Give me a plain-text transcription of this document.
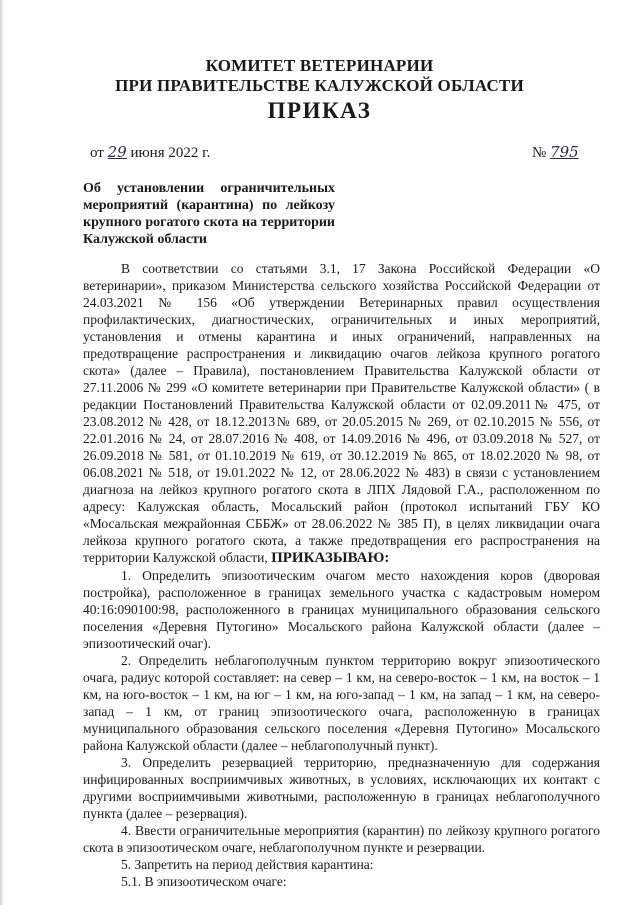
КОМИТЕТ ВЕТЕРИНАРИИ
ПРИ ПРАВИТЕЛЬСТВЕ КАЛУЖСКОЙ ОБЛАСТИ
ПРИКАЗ
от 29 июня 2022 г.	№ 795
Об установлении ограничительных мероприятий (карантина) по лейкозу крупного рогатого скота на территории Калужской области

В соответствии со статьями 3.1, 17 Закона Российской Федерации «О ветеринарии», приказом Министерства сельского хозяйства Российской Федерации от 24.03.2021 № 156 «Об утверждении Ветеринарных правил осуществления профилактических, диагностических, ограничительных и иных мероприятий, установления и отмены карантина и иных ограничений, направленных на предотвращение распространения и ликвидацию очагов лейкоза крупного рогатого скота» (далее – Правила), постановлением Правительства Калужской области от 27.11.2006 № 299 «О комитете ветеринарии при Правительстве Калужской области» ( в редакции Постановлений Правительства Калужской области от 02.09.2011№ 475, от 23.08.2012 № 428, от 18.12.2013№ 689, от 20.05.2015 № 269, от 02.10.2015 № 556, от 22.01.2016 № 24, от 28.07.2016 № 408, от 14.09.2016 № 496, от 03.09.2018 № 527, от 26.09.2018 № 581, от 01.10.2019 № 619, от 30.12.2019 № 865, от 18.02.2020 № 98, от 06.08.2021 № 518, от 19.01.2022 № 12, от 28.06.2022 № 483) в связи с установлением диагноза на лейкоз крупного рогатого скота в ЛПХ Лядовой Г.А., расположенном по адресу: Калужская область, Мосальский район (протокол испытаний ГБУ КО «Мосальская межрайонная СББЖ» от 28.06.2022 № 385 П), в целях ликвидации очага лейкоза крупного рогатого скота, а также предотвращения его распространения на территории Калужской области, ПРИКАЗЫВАЮ:

1. Определить эпизоотическим очагом место нахождения коров (дворовая постройка), расположенное в границах земельного участка с кадастровым номером 40:16:090100:98, расположенного в границах муниципального образования сельского поселения «Деревня Путогино» Мосальского района Калужской области (далее – эпизоотический очаг).

2. Определить неблагополучным пунктом территорию вокруг эпизоотического очага, радиус которой составляет: на север – 1 км, на северо-восток – 1 км, на восток – 1 км, на юго-восток – 1 км, на юг – 1 км, на юго-запад – 1 км, на запад – 1 км, на северо-запад – 1 км, от границ эпизоотического очага, расположенную в границах муниципального образования сельского поселения «Деревня Путогино» Мосальского района Калужской области (далее – неблагополучный пункт).

3. Определить резервацией территорию, предназначенную для содержания инфицированных восприимчивых животных, в условиях, исключающих их контакт с другими восприимчивыми животными, расположенную в границах неблагополучного пункта (далее – резервация).

4. Ввести ограничительные мероприятия (карантин) по лейкозу крупного рогатого скота в эпизоотическом очаге, неблагополучном пункте и резервации.

5. Запретить на период действия карантина:

5.1. В эпизоотическом очаге:
